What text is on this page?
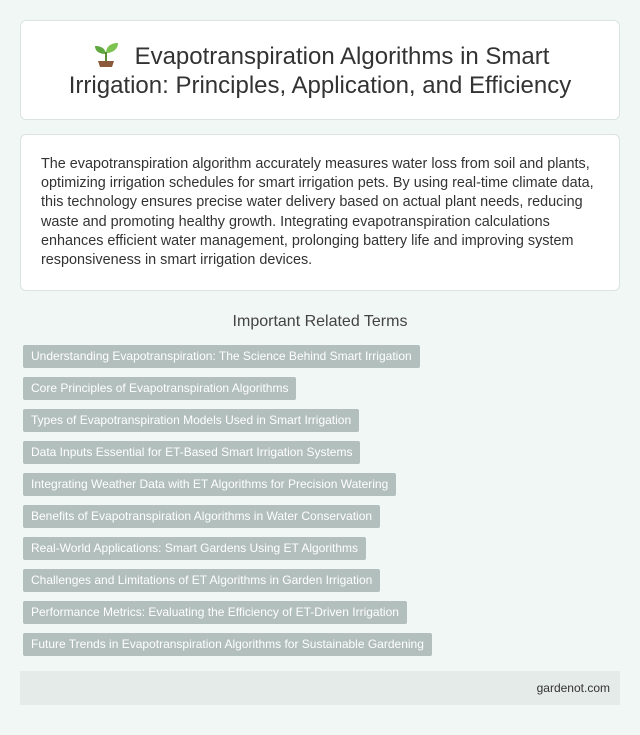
Evapotranspiration Algorithms in Smart Irrigation: Principles, Application, and Efficiency

The evapotranspiration algorithm accurately measures water loss from soil and plants, optimizing irrigation schedules for smart irrigation pets. By using real-time climate data, this technology ensures precise water delivery based on actual plant needs, reducing waste and promoting healthy growth. Integrating evapotranspiration calculations enhances efficient water management, prolonging battery life and improving system responsiveness in smart irrigation devices.

Important Related Terms
Understanding Evapotranspiration: The Science Behind Smart Irrigation
Core Principles of Evapotranspiration Algorithms
Types of Evapotranspiration Models Used in Smart Irrigation
Data Inputs Essential for ET-Based Smart Irrigation Systems
Integrating Weather Data with ET Algorithms for Precision Watering
Benefits of Evapotranspiration Algorithms in Water Conservation
Real-World Applications: Smart Gardens Using ET Algorithms
Challenges and Limitations of ET Algorithms in Garden Irrigation
Performance Metrics: Evaluating the Efficiency of ET-Driven Irrigation
Future Trends in Evapotranspiration Algorithms for Sustainable Gardening
gardenot.com
